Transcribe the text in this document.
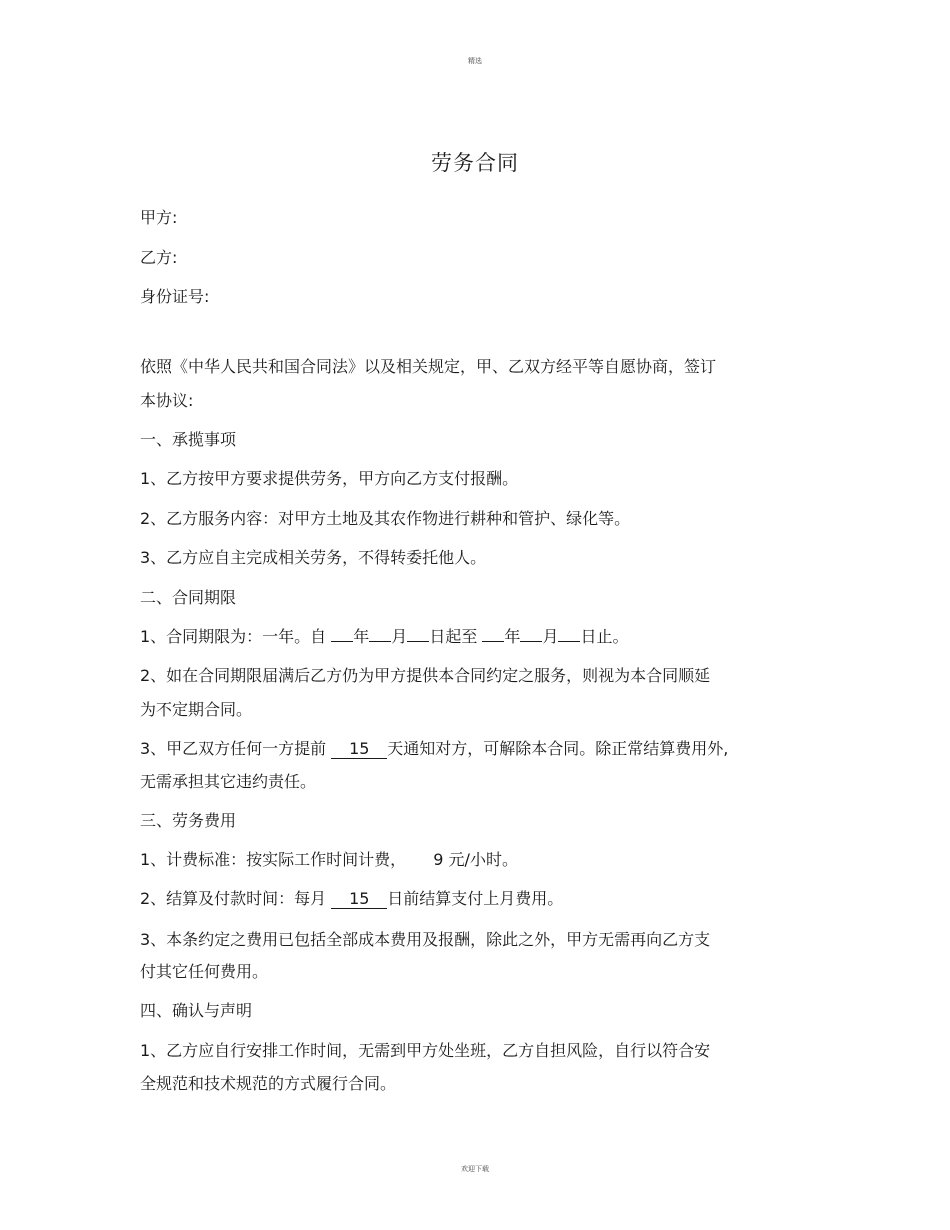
精选
劳务合同
甲方:
乙方:
身份证号:
依照《中华人民共和国合同法》以及相关规定，甲、乙双方经平等自愿协商，签订
本协议:
一、承揽事项
1、乙方按甲方要求提供劳务，甲方向乙方支付报酬。
2、乙方服务内容：对甲方土地及其农作物进行耕种和管护、绿化等。
3、乙方应自主完成相关劳务，不得转委托他人。
二、合同期限
1、合同期限为：一年。自 年 月 日起至 年 月 日止。
2、如在合同期限届满后乙方仍为甲方提供本合同约定之服务，则视为本合同顺延
为不定期合同。
3、甲乙双方任何一方提前 15 天通知对方，可解除本合同。除正常结算费用外,
无需承担其它违约责任。
三、劳务费用
1、计费标准：按实际工作时间计费， 9 元/小时。
2、结算及付款时间：每月 15 日前结算支付上月费用。
3、本条约定之费用已包括全部成本费用及报酬，除此之外，甲方无需再向乙方支
付其它任何费用。
四、确认与声明
1、乙方应自行安排工作时间，无需到甲方处坐班，乙方自担风险，自行以符合安
全规范和技术规范的方式履行合同。
欢迎下载
